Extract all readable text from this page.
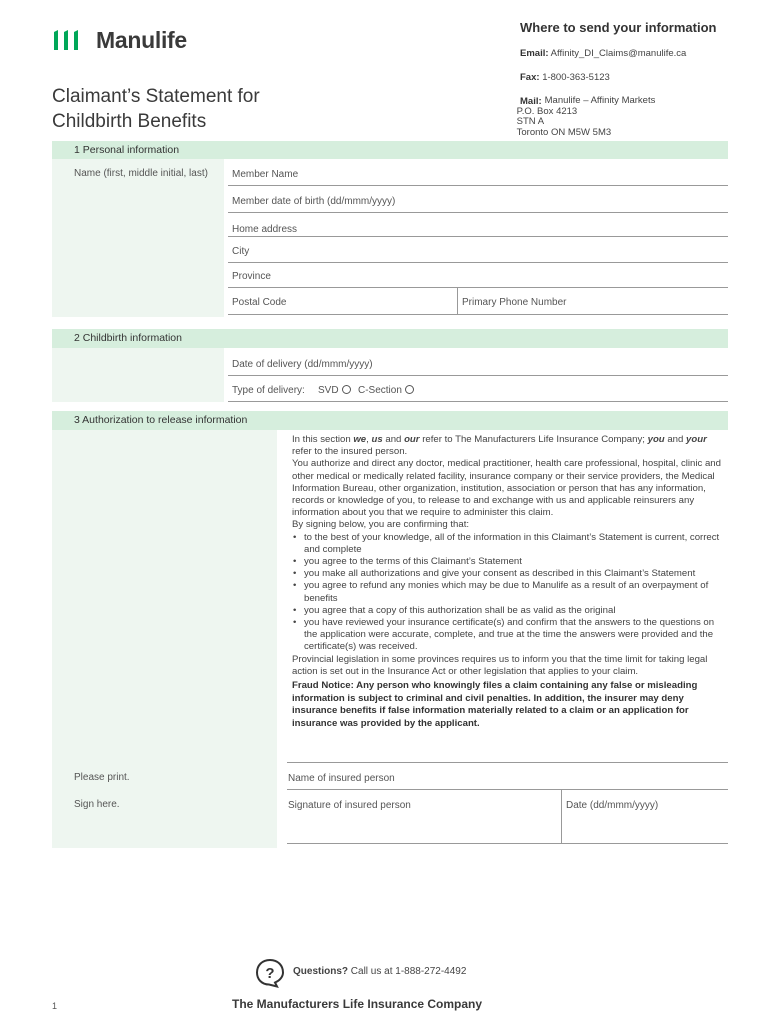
Manulife	Where to send your information
Email: Affinity_DI_Claims@manulife.ca
Fax: 1-800-363-5123
Mail: Manulife – Affinity Markets
P.O. Box 4213
STN A
Toronto ON M5W 5M3
Claimant’s Statement for
Childbirth Benefits
1 Personal information
Name (first, middle initial, last) Member Name
Member date of birth (dd/mmm/yyyy)
Home address
City
Province
Postal Code	Primary Phone Number
2 Childbirth information
Date of delivery (dd/mmm/yyyy)
Type of delivery: SVD	C-Section
3 Authorization to release information

In this section we, us and our refer to The Manufacturers Life Insurance Company; you and your refer to the insured person.

You authorize and direct any doctor, medical practitioner, health care professional, hospital, clinic and other medical or medically related facility, insurance company or their service providers, the Medical Information Bureau, other organization, institution, association or person that has any information, records or knowledge of you, to release to and exchange with us and applicable reinsurers any information about you that we require to administer this claim.

By signing below, you are confirming that:

• to the best of your knowledge, all of the information in this Claimant’s Statement is current, correct and complete
• you agree to the terms of this Claimant’s Statement
• you make all authorizations and give your consent as described in this Claimant’s Statement
• you agree to refund any monies which may be due to Manulife as a result of an overpayment of benefits
• you agree that a copy of this authorization shall be as valid as the original
• you have reviewed your insurance certificate(s) and confirm that the answers to the questions on the application were accurate, complete, and true at the time the answers were provided and the certificate(s) was received.

Provincial legislation in some provinces requires us to inform you that the time limit for taking legal action is set out in the Insurance Act or other legislation that applies to your claim.

Fraud Notice: Any person who knowingly files a claim containing any false or misleading information is subject to criminal and civil penalties. In addition, the insurer may deny insurance benefits if false information materially related to a claim or an application for insurance was provided by the applicant.

Please print.
Sign here.
Name of insured person
Signature of insured person	Date (dd/mmm/yyyy)
? Questions? Call us at 1-888-272-4492
1	The Manufacturers Life Insurance Company
